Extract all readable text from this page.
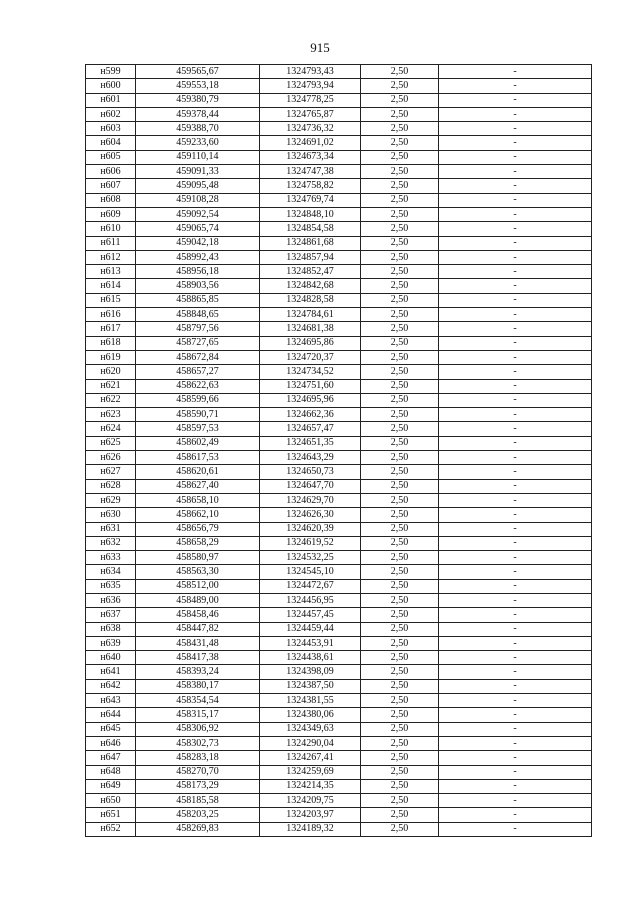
915
н599	459565,67	1324793,43	2,50	-
н600	459553,18	1324793,94	2,50	-
н601	459380,79	1324778,25	2,50	-
н602	459378,44	1324765,87	2,50	-
н603	459388,70	1324736,32	2,50	-
н604	459233,60	1324691,02	2,50	-
н605	459110,14	1324673,34	2,50	-
н606	459091,33	1324747,38	2,50	-
н607	459095,48	1324758,82	2,50	-
н608	459108,28	1324769,74	2,50	-
н609	459092,54	1324848,10	2,50	-
н610	459065,74	1324854,58	2,50	-
н611	459042,18	1324861,68	2,50	-
н612	458992,43	1324857,94	2,50	-
н613	458956,18	1324852,47	2,50	-
н614	458903,56	1324842,68	2,50	-
н615	458865,85	1324828,58	2,50	-
н616	458848,65	1324784,61	2,50	-
н617	458797,56	1324681,38	2,50	-
н618	458727,65	1324695,86	2,50	-
н619	458672,84	1324720,37	2,50	-
н620	458657,27	1324734,52	2,50	-
н621	458622,63	1324751,60	2,50	-
н622	458599,66	1324695,96	2,50	-
н623	458590,71	1324662,36	2,50	-
н624	458597,53	1324657,47	2,50	-
н625	458602,49	1324651,35	2,50	-
н626	458617,53	1324643,29	2,50	-
н627	458620,61	1324650,73	2,50	-
н628	458627,40	1324647,70	2,50	-
н629	458658,10	1324629,70	2,50	-
н630	458662,10	1324626,30	2,50	-
н631	458656,79	1324620,39	2,50	-
н632	458658,29	1324619,52	2,50	-
н633	458580,97	1324532,25	2,50	-
н634	458563,30	1324545,10	2,50	-
н635	458512,00	1324472,67	2,50	-
н636	458489,00	1324456,95	2,50	-
н637	458458,46	1324457,45	2,50	-
н638	458447,82	1324459,44	2,50	-
н639	458431,48	1324453,91	2,50	-
н640	458417,38	1324438,61	2,50	-
н641	458393,24	1324398,09	2,50	-
н642	458380,17	1324387,50	2,50	-
н643	458354,54	1324381,55	2,50	-
н644	458315,17	1324380,06	2,50	-
н645	458306,92	1324349,63	2,50	-
н646	458302,73	1324290,04	2,50	-
н647	458283,18	1324267,41	2,50	-
н648	458270,70	1324259,69	2,50	-
н649	458173,29	1324214,35	2,50	-
н650	458185,58	1324209,75	2,50	-
н651	458203,25	1324203,97	2,50	-
н652	458269,83	1324189,32	2,50	-
